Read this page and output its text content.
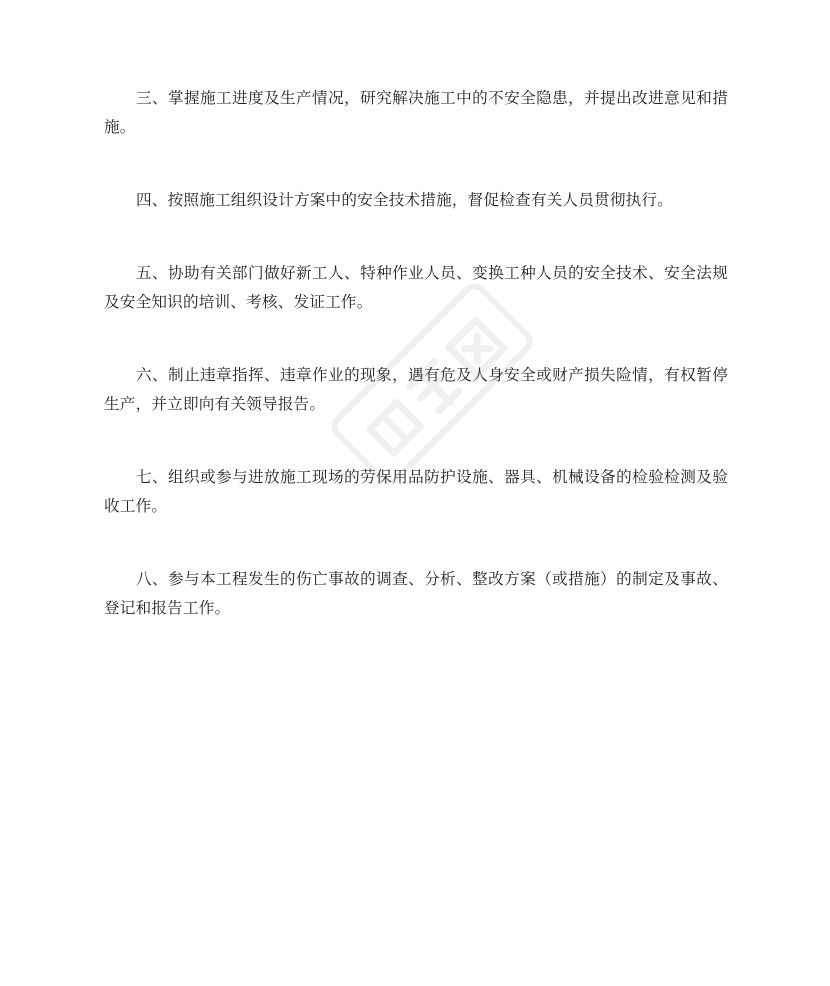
三、掌握施工进度及生产情况，研究解决施工中的不安全隐患，并提出改进意见和措施。

四、按照施工组织设计方案中的安全技术措施，督促检查有关人员贯彻执行。

五、协助有关部门做好新工人、特种作业人员、变换工种人员的安全技术、安全法规及安全知识的培训、考核、发证工作。

六、制止违章指挥、违章作业的现象，遇有危及人身安全或财产损失险情，有权暂停生产，并立即向有关领导报告。

七、组织或参与进放施工现场的劳保用品防护设施、器具、机械设备的检验检测及验收工作。

八、参与本工程发生的伤亡事故的调查、分析、整改方案（或措施）的制定及事故、登记和报告工作。
